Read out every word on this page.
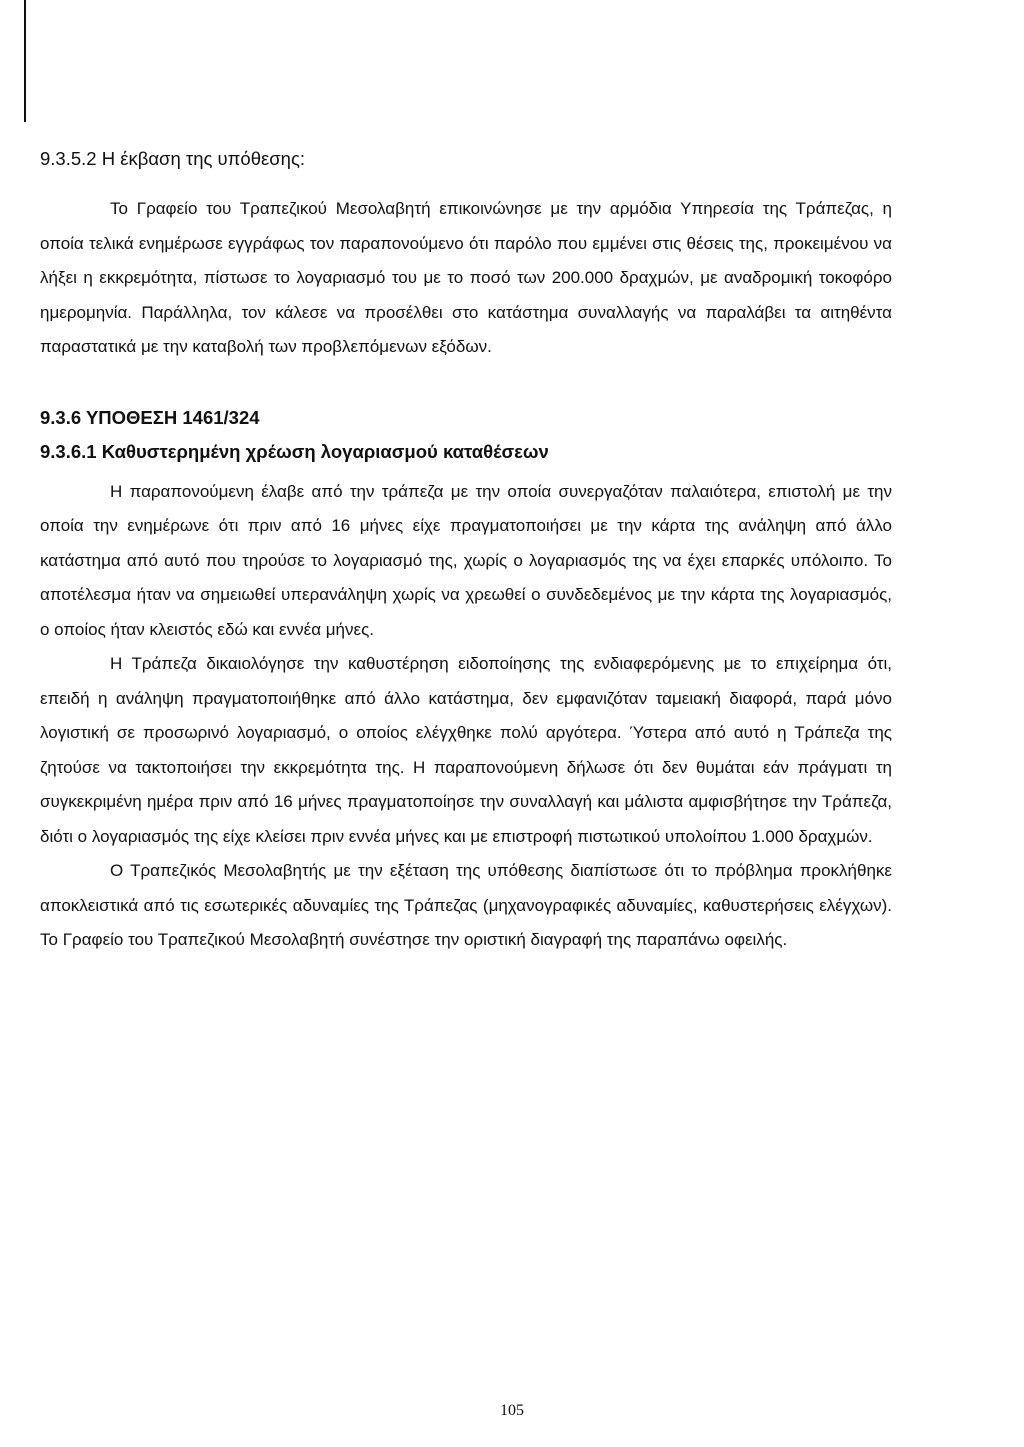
9.3.5.2 Η έκβαση της υπόθεσης:

Το Γραφείο του Τραπεζικού Μεσολαβητή επικοινώνησε με την αρμόδια Υπηρεσία της Τράπεζας, η οποία τελικά ενημέρωσε εγγράφως τον παραπονούμενο ότι παρόλο που εμμένει στις θέσεις της, προκειμένου να λήξει η εκκρεμότητα, πίστωσε το λογαριασμό του με το ποσό των 200.000 δραχμών, με αναδρομική τοκοφόρο ημερομηνία. Παράλληλα, τον κάλεσε να προσέλθει στο κατάστημα συναλλαγής να παραλάβει τα αιτηθέντα παραστατικά με την καταβολή των προβλεπόμενων εξόδων.

9.3.6 ΥΠΟΘΕΣΗ 1461/324
9.3.6.1 Καθυστερημένη χρέωση λογαριασμού καταθέσεων

Η παραπονούμενη έλαβε από την τράπεζα με την οποία συνεργαζόταν παλαιότερα, επιστολή με την οποία την ενημέρωνε ότι πριν από 16 μήνες είχε πραγματοποιήσει με την κάρτα της ανάληψη από άλλο κατάστημα από αυτό που τηρούσε το λογαριασμό της, χωρίς ο λογαριασμός της να έχει επαρκές υπόλοιπο. Το αποτέλεσμα ήταν να σημειωθεί υπερανάληψη χωρίς να χρεωθεί ο συνδεδεμένος με την κάρτα της λογαριασμός, ο οποίος ήταν κλειστός εδώ και εννέα μήνες.

Η Τράπεζα δικαιολόγησε την καθυστέρηση ειδοποίησης της ενδιαφερόμενης με το επιχείρημα ότι, επειδή η ανάληψη πραγματοποιήθηκε από άλλο κατάστημα, δεν εμφανιζόταν ταμειακή διαφορά, παρά μόνο λογιστική σε προσωρινό λογαριασμό, ο οποίος ελέγχθηκε πολύ αργότερα. Ύστερα από αυτό η Τράπεζα της ζητούσε να τακτοποιήσει την εκκρεμότητα της. Η παραπονούμενη δήλωσε ότι δεν θυμάται εάν πράγματι τη συγκεκριμένη ημέρα πριν από 16 μήνες πραγματοποίησε την συναλλαγή και μάλιστα αμφισβήτησε την Τράπεζα, διότι ο λογαριασμός της είχε κλείσει πριν εννέα μήνες και με επιστροφή πιστωτικού υπολοίπου 1.000 δραχμών.

Ο Τραπεζικός Μεσολαβητής με την εξέταση της υπόθεσης διαπίστωσε ότι το πρόβλημα προκλήθηκε αποκλειστικά από τις εσωτερικές αδυναμίες της Τράπεζας (μηχανογραφικές αδυναμίες, καθυστερήσεις ελέγχων). Το Γραφείο του Τραπεζικού Μεσολαβητή συνέστησε την οριστική διαγραφή της παραπάνω οφειλής.

105
